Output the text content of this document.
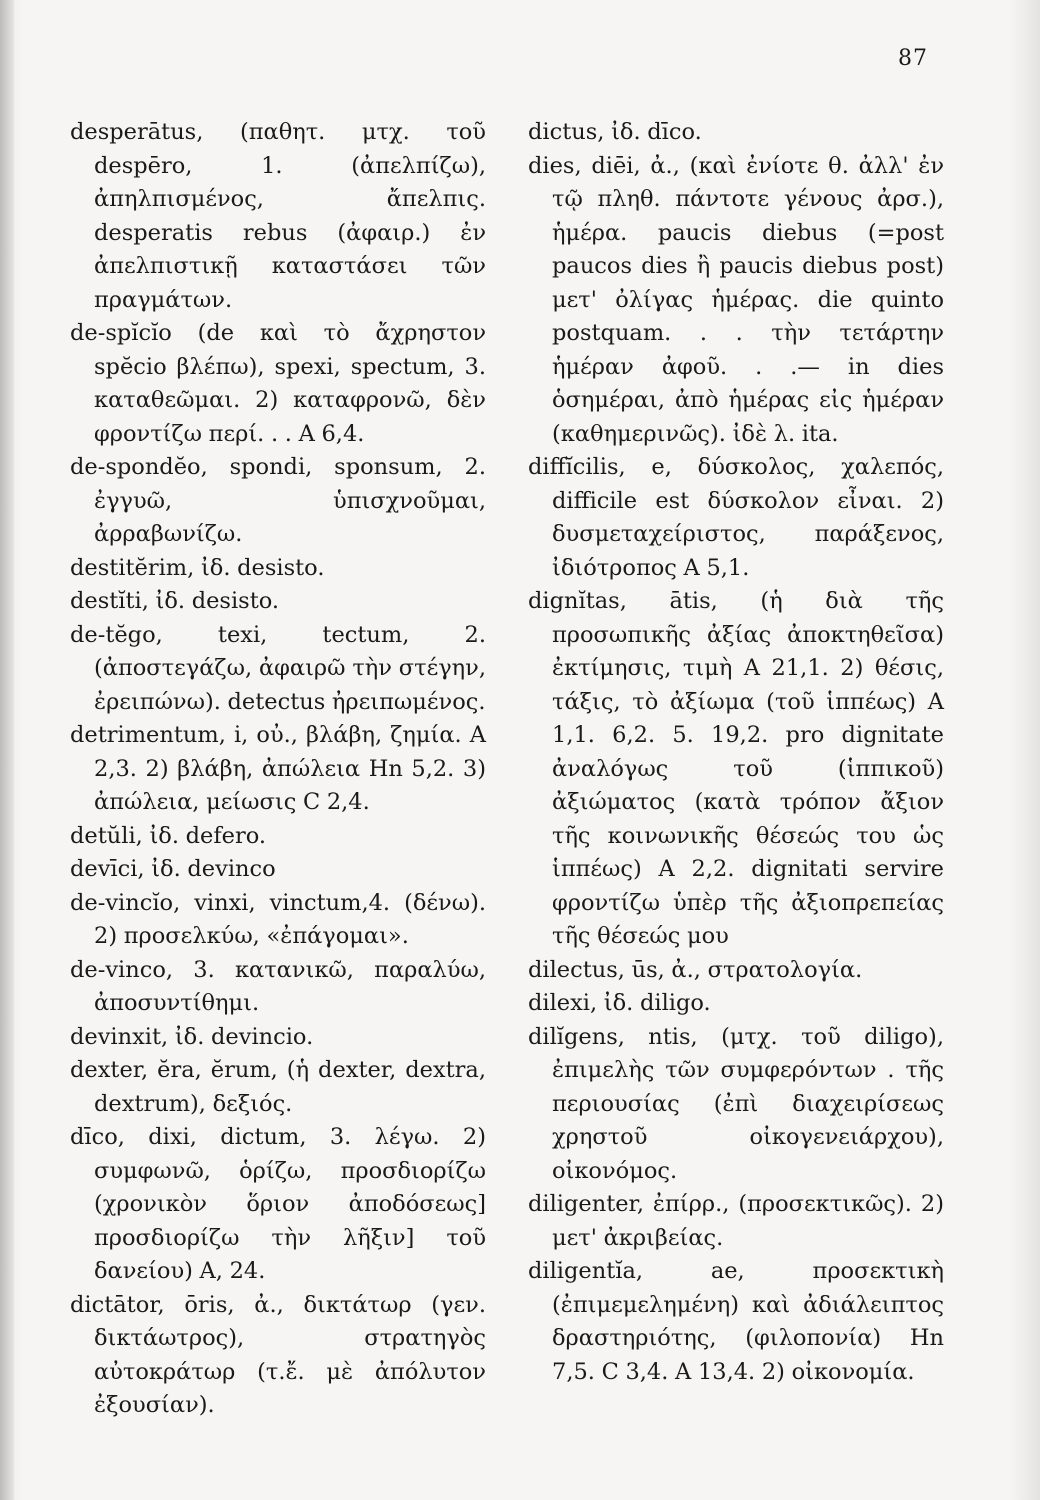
87

desperātus, (παθητ. μτχ. τοῦ despēro, 1. (ἀπελπίζω), ἀπηλπισμένος, ἄπελπις. desperatis rebus (ἀφαιρ.) ἐν ἀπελπιστικῇ καταστάσει τῶν πραγμάτων.

de-spĭcĭo (de καὶ τὸ ἄχρηστον spĕcio βλέπω), spexi, spectum, 3. καταθεῶμαι. 2) καταφρονῶ, δὲν φροντίζω περί. . . A 6,4.

de-spondĕo, spondi, sponsum, 2. ἐγγυῶ, ὑπισχνοῦμαι, ἀρραβωνίζω.

destitĕrim, ἰδ. desisto.

destĭti, ἰδ. desisto.

de-tĕgo, texi, tectum, 2. (ἀποστεγάζω, ἀφαιρῶ τὴν στέγην, ἐρειπώνω). detectus ἠρειπωμένος.

detrimentum, i, οὐ., βλάβη, ζημία. A 2,3. 2) βλάβη, ἀπώλεια Hn 5,2. 3) ἀπώλεια, μείωσις C 2,4.

detŭli, ἰδ. defero.

devīci, ἰδ. devinco

de-vincĭo, vinxi, vinctum,4. (δένω). 2) προσελκύω, «ἐπάγομαι».

de-vinco, 3. κατανικῶ, παραλύω, ἀποσυντίθημι.

devinxit, ἰδ. devincio.

dexter, ĕra, ĕrum, (ἡ dexter, dextra, dextrum), δεξιός.

dīco, dixi, dictum, 3. λέγω. 2) συμφωνῶ, ὁρίζω, προσδιορίζω (χρονικὸν ὅριον ἀποδόσεως] προσδιορίζω τὴν λῆξιν] τοῦ δανείου) A, 24.

dictātor, ōris, ἀ., δικτάτωρ (γεν. δικτάωτρος), στρατηγὸς αὐτοκράτωρ (τ.ἔ. μὲ ἀπόλυτον ἐξουσίαν).

dictus, ἰδ. dīco.

dies, diēi, ἀ., (καὶ ἐνίοτε θ. ἀλλ' ἐν τῷ πληθ. πάντοτε γένους ἀρσ.), ἡμέρα. paucis diebus (=post paucos dies ἢ paucis diebus post) μετ' ὀλίγας ἡμέρας. die quinto postquam. . . τὴν τετάρτην ἡμέραν ἀφοῦ. . .— in dies ὁσημέραι, ἀπὸ ἡμέρας εἰς ἡμέραν (καθημερινῶς). ἰδὲ λ. ita.

diffĭcilis, e, δύσκολος, χαλεπός, difficile est δύσκολον εἶναι. 2) δυσμεταχείριστος, παράξενος, ἰδιότροπος A 5,1.

dignĭtas, ātis, (ἡ διὰ τῆς προσωπικῆς ἀξίας ἀποκτηθεῖσα) ἐκτίμησις, τιμὴ A 21,1. 2) θέσις, τάξις, τὸ ἀξίωμα (τοῦ ἱππέως) A 1,1. 6,2. 5. 19,2. pro dignitate ἀναλόγως τοῦ (ἱππικοῦ) ἀξιώματος (κατὰ τρόπον ἄξιον τῆς κοινωνικῆς θέσεώς του ὡς ἱππέως) A 2,2. dignitati servire φροντίζω ὑπὲρ τῆς ἀξιοπρεπείας τῆς θέσεώς μου

dilectus, ūs, ἀ., στρατολογία.

dilexi, ἰδ. diligo.

dilĭgens, ntis, (μτχ. τοῦ diligo), ἐπιμελὴς τῶν συμφερόντων . τῆς περιουσίας (ἐπὶ διαχειρίσεως χρηστοῦ οἰκογενειάρχου), οἰκονόμος.

diligenter, ἐπίρρ., (προσεκτικῶς). 2) μετ' ἀκριβείας.

diligentĭa, ae, προσεκτικὴ (ἐπιμεμελημένη) καὶ ἀδιάλειπτος δραστηριότης, (φιλοπονία) Hn 7,5. C 3,4. A 13,4. 2) οἰκονομία.
